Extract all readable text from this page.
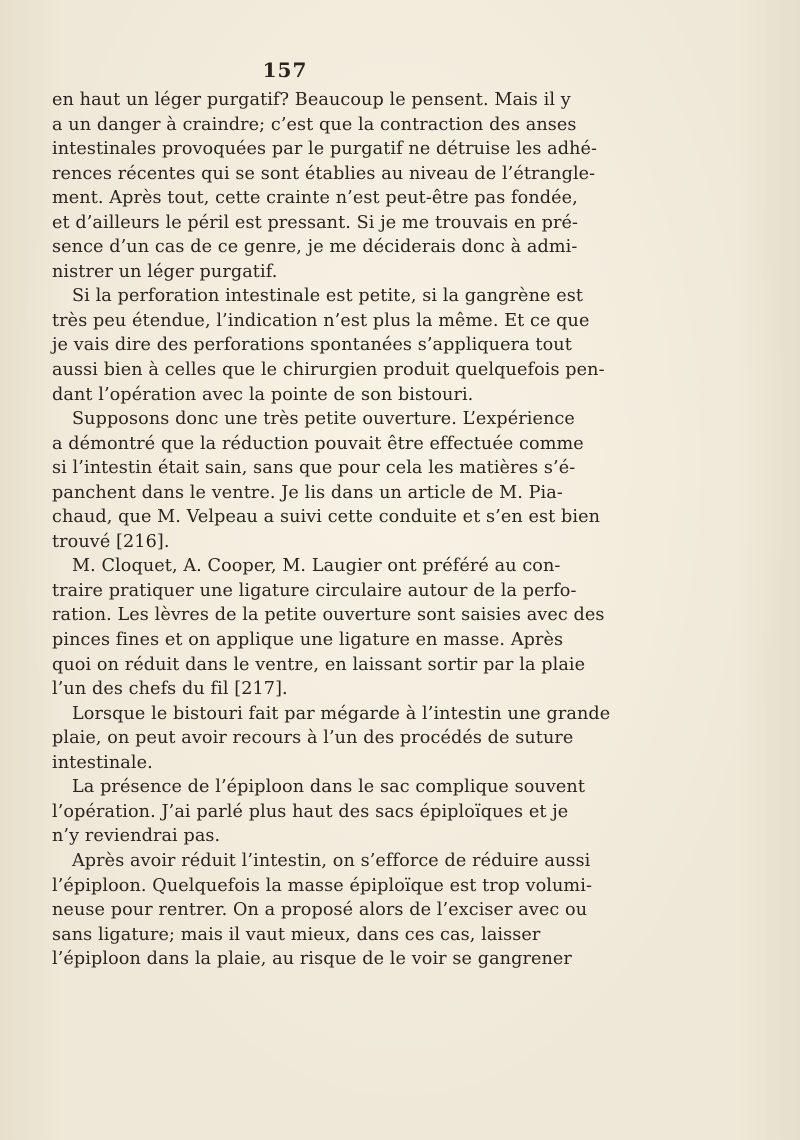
157
en haut un léger purgatif? Beaucoup le pensent. Mais il y
a un danger à craindre; c’est que la contraction des anses
intestinales provoquées par le purgatif ne détruise les adhé-
rences récentes qui se sont établies au niveau de l’étrangle-
ment. Après tout, cette crainte n’est peut-être pas fondée,
et d’ailleurs le péril est pressant. Si je me trouvais en pré-
sence d’un cas de ce genre, je me déciderais donc à admi-
nistrer un léger purgatif.
Si la perforation intestinale est petite, si la gangrène est
très peu étendue, l’indication n’est plus la même. Et ce que
je vais dire des perforations spontanées s’appliquera tout
aussi bien à celles que le chirurgien produit quelquefois pen-
dant l’opération avec la pointe de son bistouri.
Supposons donc une très petite ouverture. L’expérience
a démontré que la réduction pouvait être effectuée comme
si l’intestin était sain, sans que pour cela les matières s’é-
panchent dans le ventre. Je lis dans un article de M. Pia-
chaud, que M. Velpeau a suivi cette conduite et s’en est bien
trouvé [216].
M. Cloquet, A. Cooper, M. Laugier ont préféré au con-
traire pratiquer une ligature circulaire autour de la perfo-
ration. Les lèvres de la petite ouverture sont saisies avec des
pinces fines et on applique une ligature en masse. Après
quoi on réduit dans le ventre, en laissant sortir par la plaie
l’un des chefs du fil [217].
Lorsque le bistouri fait par mégarde à l’intestin une grande
plaie, on peut avoir recours à l’un des procédés de suture
intestinale.
La présence de l’épiploon dans le sac complique souvent
l’opération. J’ai parlé plus haut des sacs épiploïques et je
n’y reviendrai pas.
Après avoir réduit l’intestin, on s’efforce de réduire aussi
l’épiploon. Quelquefois la masse épiploïque est trop volumi-
neuse pour rentrer. On a proposé alors de l’exciser avec ou
sans ligature; mais il vaut mieux, dans ces cas, laisser
l’épiploon dans la plaie, au risque de le voir se gangrener
